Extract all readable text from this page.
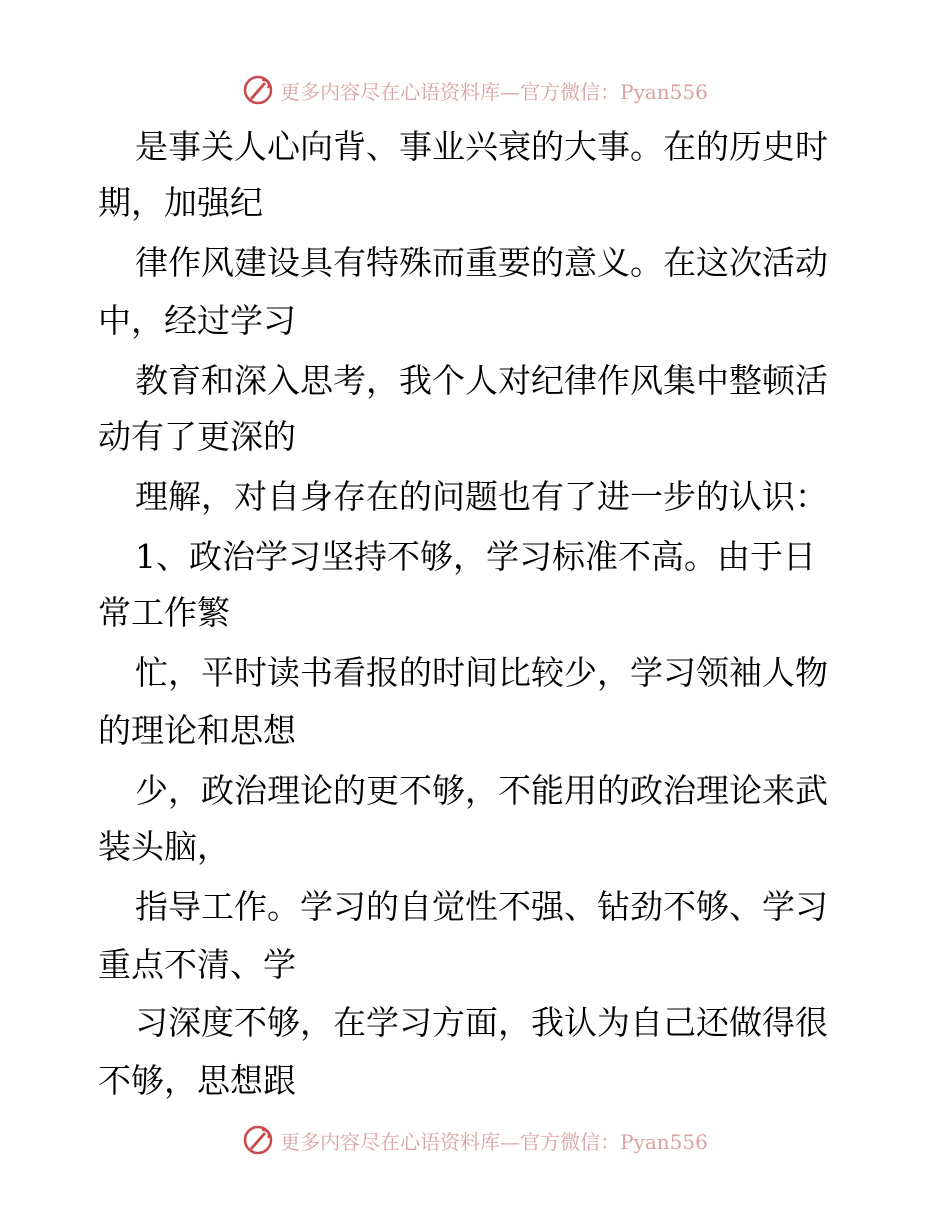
更多内容尽在心语资料库—官方微信：Pyan556
是事关人心向背、事业兴衰的大事。在的历史时
期，加强纪
律作风建设具有特殊而重要的意义。在这次活动
中，经过学习
教育和深入思考，我个人对纪律作风集中整顿活
动有了更深的
理解，对自身存在的问题也有了进一步的认识：
1、政治学习坚持不够，学习标准不高。由于日
常工作繁
忙，平时读书看报的时间比较少，学习领袖人物
的理论和思想
少，政治理论的更不够，不能用的政治理论来武
装头脑，
指导工作。学习的自觉性不强、钻劲不够、学习
重点不清、学
习深度不够，在学习方面，我认为自己还做得很
不够，思想跟
更多内容尽在心语资料库—官方微信：Pyan556
